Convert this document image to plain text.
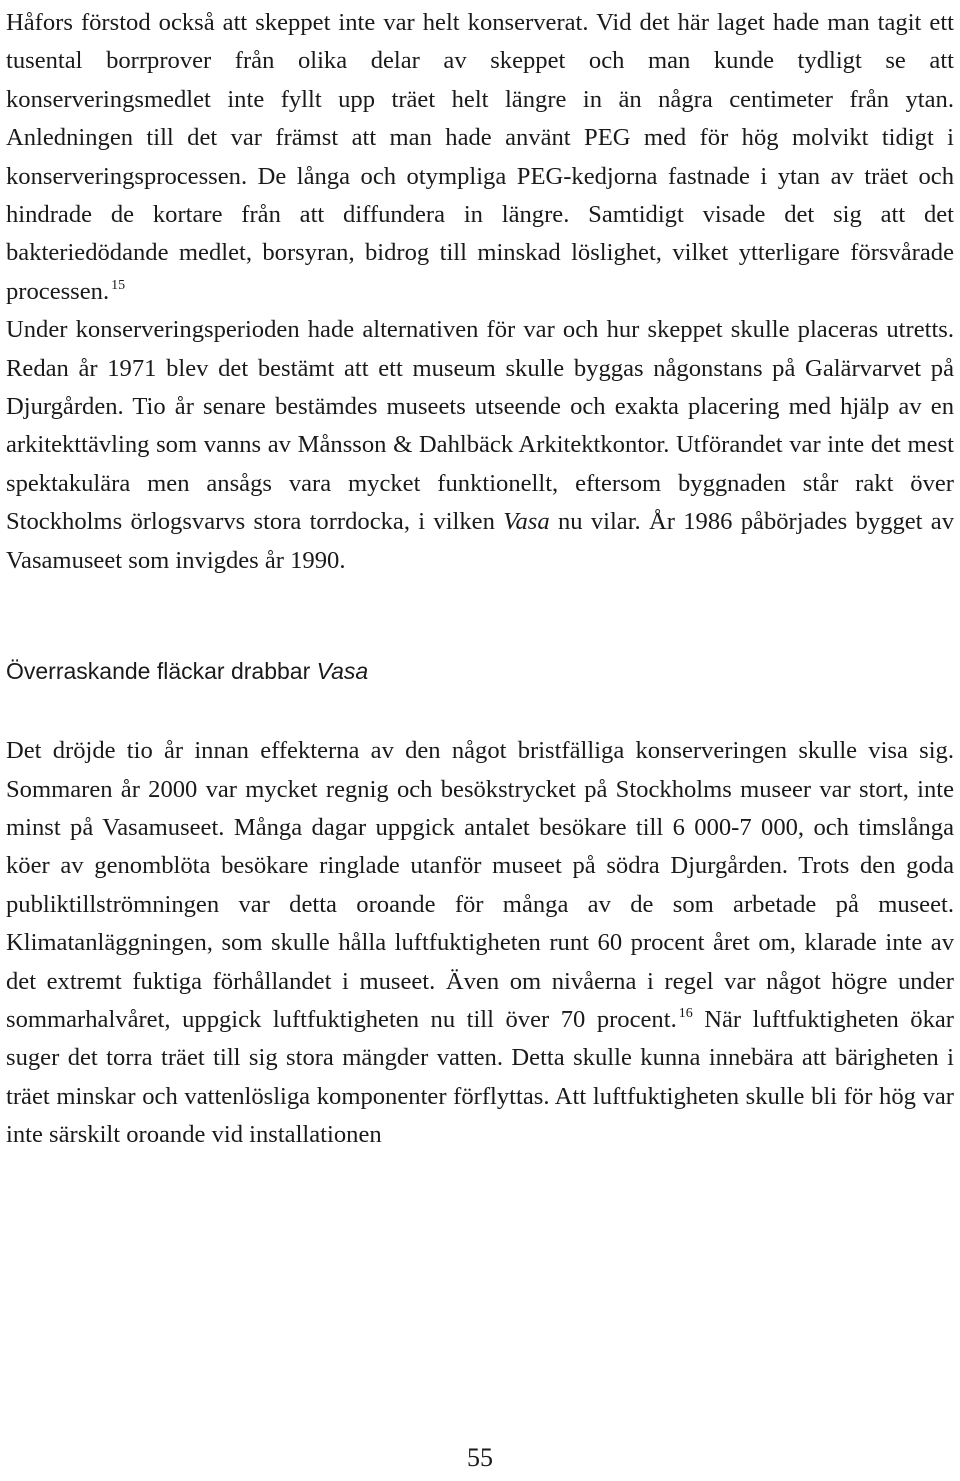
Håfors förstod också att skeppet inte var helt konserverat. Vid det här laget hade man tagit ett tusental borrprover från olika delar av skeppet och man kunde tydligt se att konserveringsmedlet inte fyllt upp träet helt längre in än några centimeter från ytan. Anledningen till det var främst att man hade använt PEG med för hög molvikt tidigt i konserveringsprocessen. De långa och otympliga PEG-kedjorna fastnade i ytan av träet och hindrade de kortare från att diffundera in längre. Samtidigt visade det sig att det bakteriedödande medlet, borsyran, bidrog till minskad löslighet, vilket ytterligare försvårade processen. $^{15}$

Under konserveringsperioden hade alternativen för var och hur skeppet skulle placeras utretts. Redan år 1971 blev det bestämt att ett museum skulle byggas någonstans på Galärvarvet på Djurgården. Tio år senare bestämdes museets utseende och exakta placering med hjälp av en arkitekttävling som vanns av Månsson & Dahlbäck Arkitektkontor. Utförandet var inte det mest spektakulära men ansågs vara mycket funktionellt, eftersom byggnaden står rakt över Stockholms örlogsvarvs stora torrdocka, i vilken Vasa nu vilar. År 1986 påbörjades bygget av Vasamuseet som invigdes år 1990.

Överraskande fläckar drabbar Vasa

Det dröjde tio år innan effekterna av den något bristfälliga konserveringen skulle visa sig. Sommaren år 2000 var mycket regnig och besökstrycket på Stockholms museer var stort, inte minst på Vasamuseet. Många dagar uppgick antalet besökare till 6 000-7 000, och timslånga köer av genomblöta besökare ringlade utanför museet på södra Djurgården. Trots den goda publiktillströmningen var detta oroande för många av de som arbetade på museet. Klimatanläggningen, som skulle hålla luftfuktigheten runt 60 procent året om, klarade inte av det extremt fuktiga förhållandet i museet. Även om nivåerna i regel var något högre under sommarhalvåret, uppgick luftfuktigheten nu till över 70 procent. $^{16}$ När luftfuktigheten ökar suger det torra träet till sig stora mängder vatten. Detta skulle kunna innebära att bärigheten i träet minskar och vattenlösliga komponenter förflyttas. Att luftfuktigheten skulle bli för hög var inte särskilt oroande vid installationen

55
